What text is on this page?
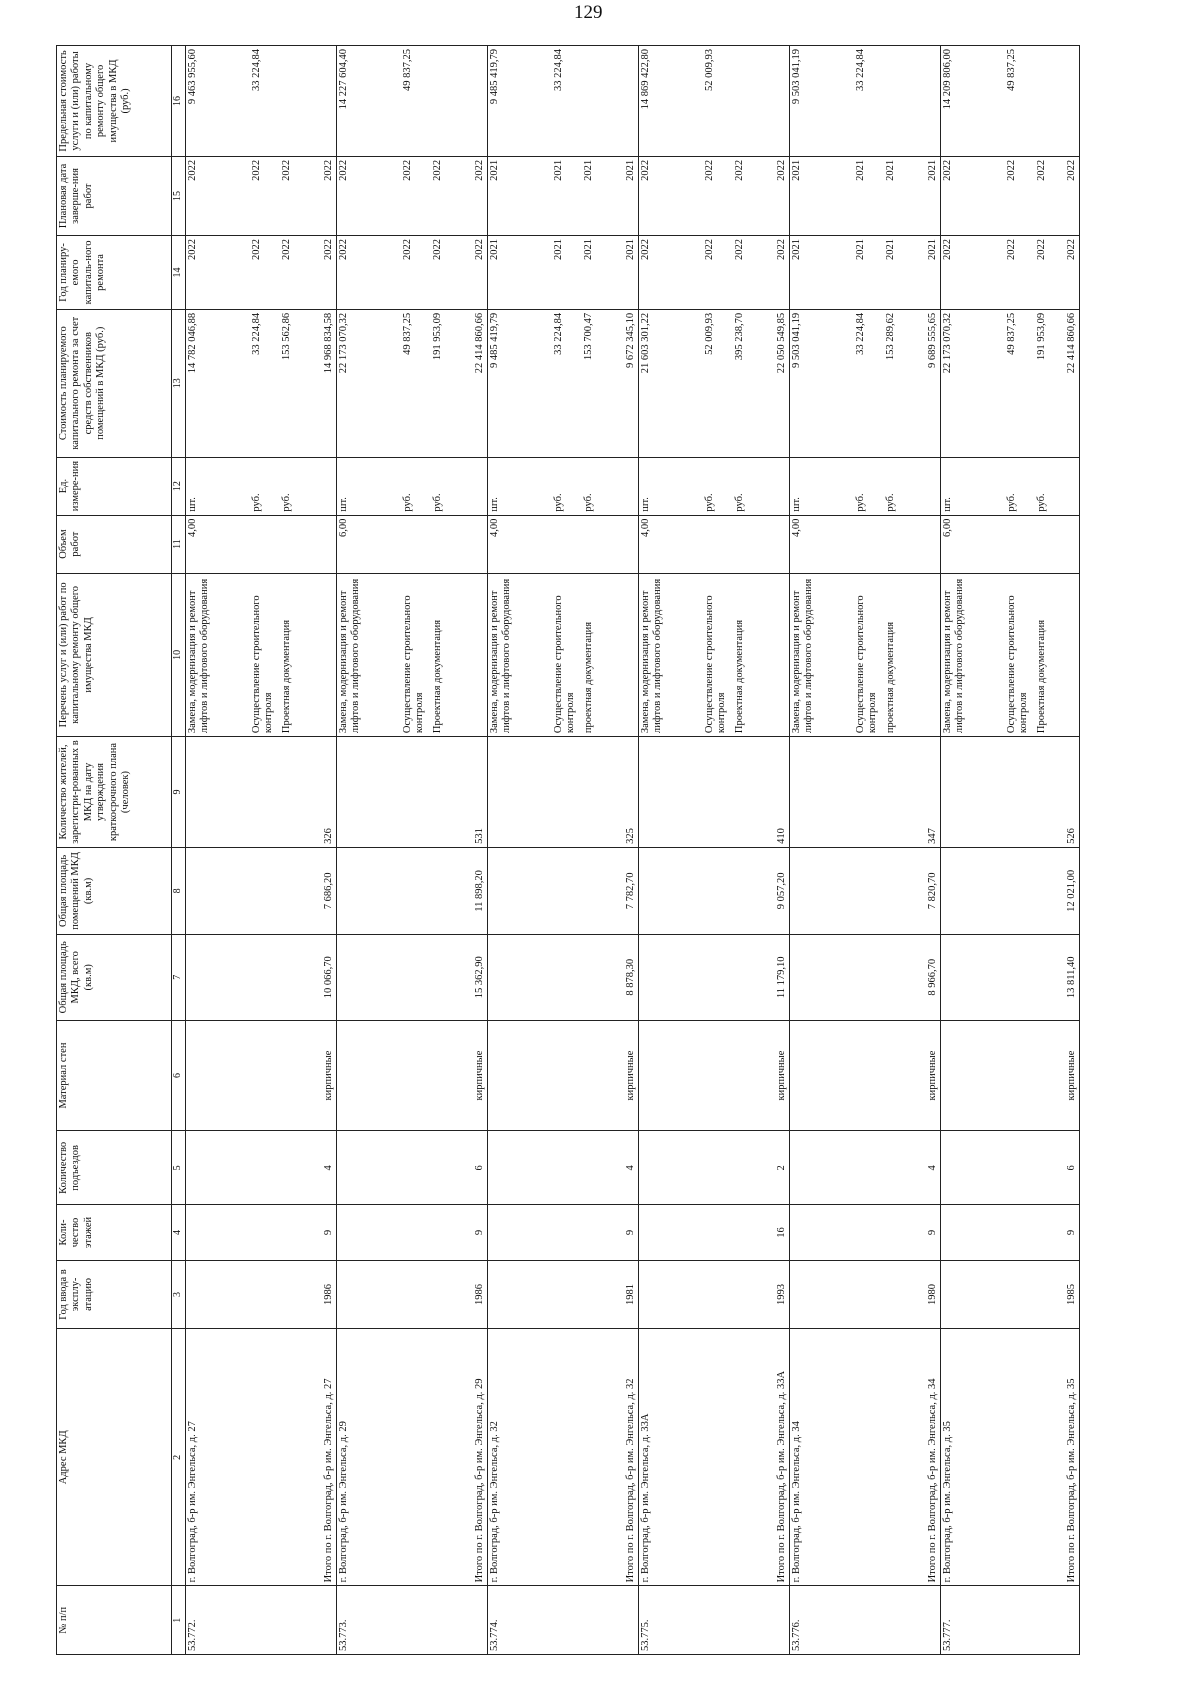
129
№ п/п	Адрес МКД	Год ввода в эксплу-атацию	Коли-чество этажей	Количество подъездов	Материал стен	Общая площадь МКД, всего (кв.м)	Общая площадь помещений МКД (кв.м)	Количество жителей, зарегистри-рованных в МКД на дату утверждения краткосрочного плана (человек)	Перечень услуг и (или) работ по капитальному ремонту общего имущества МКД	Объем работ	Ед. измере-ния	Стоимость планируемого капитального ремонта за счет средств собственников помещений в МКД (руб.)	Год планиру-емого капиталь-ного ремонта	Плановая дата заверше-ния работ	Предельная стоимость услуги и (или) работы по капитальному ремонту общего имущества в МКД (руб.)
1	2	3	4	5	6	7	8	9	10	11	12	13	14	15	16

53.772.	г. Волгоград, б-р им. Энгельса, д. 27 Итого по г. Волгоград, б-р им. Энгельса, д. 27	1986	9	4	кирпичные	10 066,70	7 686,20	326	Замена, модернизация и ремонт лифтов и лифтового оборудования Осуществление строительного контроля Проектная документация	4,00	шт. руб. руб.	14 782 046,88 33 224,84 153 562,86 14 968 834,58	2022 2022 2022 2022	2022 2022 2022 2022	9 463 955,60 33 224,84

53.773.	г. Волгоград, б-р им. Энгельса, д. 29 Итого по г. Волгоград, б-р им. Энгельса, д. 29	1986	9	6	кирпичные	15 362,90	11 898,20	531	Замена, модернизация и ремонт лифтов и лифтового оборудования Осуществление строительного контроля Проектная документация	6,00	шт. руб. руб.	22 173 070,32 49 837,25 191 953,09 22 414 860,66	2022 2022 2022 2022	2022 2022 2022 2022	14 227 604,40 49 837,25

53.774.	г. Волгоград, б-р им. Энгельса, д. 32 Итого по г. Волгоград, б-р им. Энгельса, д. 32	1981	9	4	кирпичные	8 878,30	7 782,70	325	Замена, модернизация и ремонт лифтов и лифтового оборудования Осуществление строительного контроля проектная документация	4,00	шт. руб. руб.	9 485 419,79 33 224,84 153 700,47 9 672 345,10	2021 2021 2021 2021	2021 2021 2021 2021	9 485 419,79 33 224,84

53.775.	г. Волгоград, б-р им. Энгельса, д. 33А Итого по г. Волгоград, б-р им. Энгельса, д. 33А	1993	16	2	кирпичные	11 179,10	9 057,20	410	Замена, модернизация и ремонт лифтов и лифтового оборудования Осуществление строительного контроля Проектная документация	4,00	шт. руб. руб.	21 603 301,22 52 009,93 395 238,70 22 050 549,85	2022 2022 2022 2022	2022 2022 2022 2022	14 869 422,80 52 009,93

53.776.	г. Волгоград, б-р им. Энгельса, д. 34 Итого по г. Волгоград, б-р им. Энгельса, д. 34	1980	9	4	кирпичные	8 966,70	7 820,70	347	Замена, модернизация и ремонт лифтов и лифтового оборудования Осуществление строительного контроля проектная документация	4,00	шт. руб. руб.	9 503 041,19 33 224,84 153 289,62 9 689 555,65	2021 2021 2021 2021	2021 2021 2021 2021	9 503 041,19 33 224,84

53.777.	г. Волгоград, б-р им. Энгельса, д. 35 Итого по г. Волгоград, б-р им. Энгельса, д. 35	1985	9	6	кирпичные	13 811,40	12 021,00	526	Замена, модернизация и ремонт лифтов и лифтового оборудования Осуществление строительного контроля Проектная документация	6,00	шт. руб. руб.	22 173 070,32 49 837,25 191 953,09 22 414 860,66	2022 2022 2022 2022	2022 2022 2022 2022	14 209 806,00 49 837,25
